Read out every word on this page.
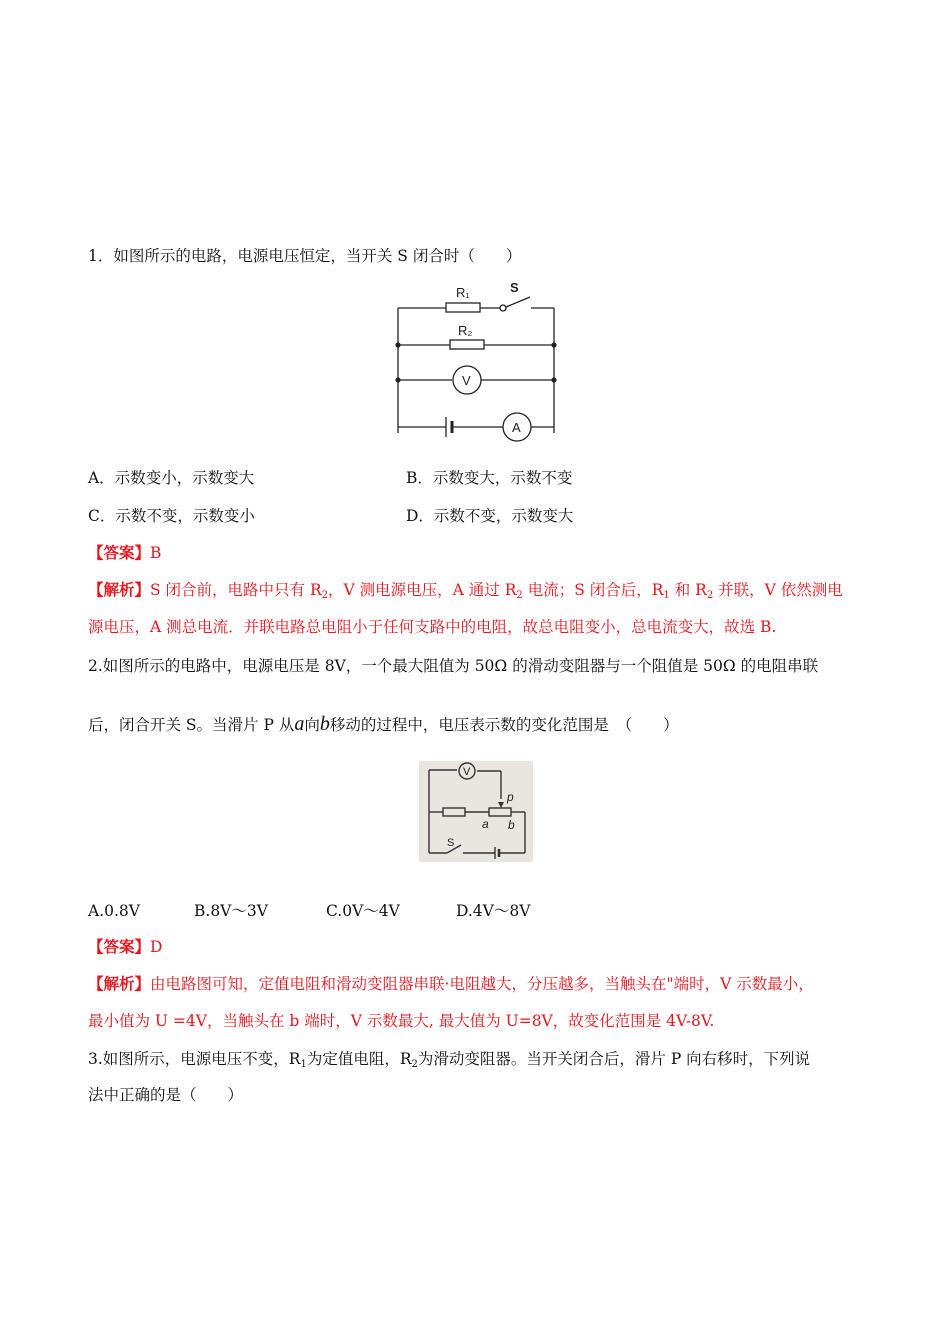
1．如图所示的电路，电源电压恒定，当开关 S 闭合时（　　）
R₁	S
R₂
V
A
A．示数变小，示数变大	B．示数变大，示数不变
C．示数不变，示数变小	D．示数不变，示数变大
【答案】B
【解析】S 闭合前，电路中只有 $R_2$，V 测电源电压，A 通过 $R_2$ 电流；S 闭合后，$R_1$ 和 $R_2$ 并联，V 依然测电
源电压，A 测总电流．并联电路总电阻小于任何支路中的电阻，故总电阻变小，总电流变大，故选 B.
2.如图所示的电路中，电源电压是 8V，一个最大阻值为 50Ω 的滑动变阻器与一个阻值是 50Ω 的电阻串联
后，闭合开关 S。当滑片 P 从a向b移动的过程中，电压表示数的变化范围是　（　　）
V
p
a b
S
A.0.8V	B.8V～3V	C.0V～4V	D.4V～8V
【答案】D
【解析】由电路图可知，定值电阻和滑动变阻器串联·电阻越大，分压越多，当触头在"端时，V 示数最小，
最小值为 U =4V，当触头在 b 端时，V 示数最大, 最大值为 U=8V，故变化范围是 4V-8V.
3.如图所示，电源电压不变，$R_1$为定值电阻，$R_2$为滑动变阻器。当开关闭合后，滑片 P 向右移时，下列说
法中正确的是（　　）
